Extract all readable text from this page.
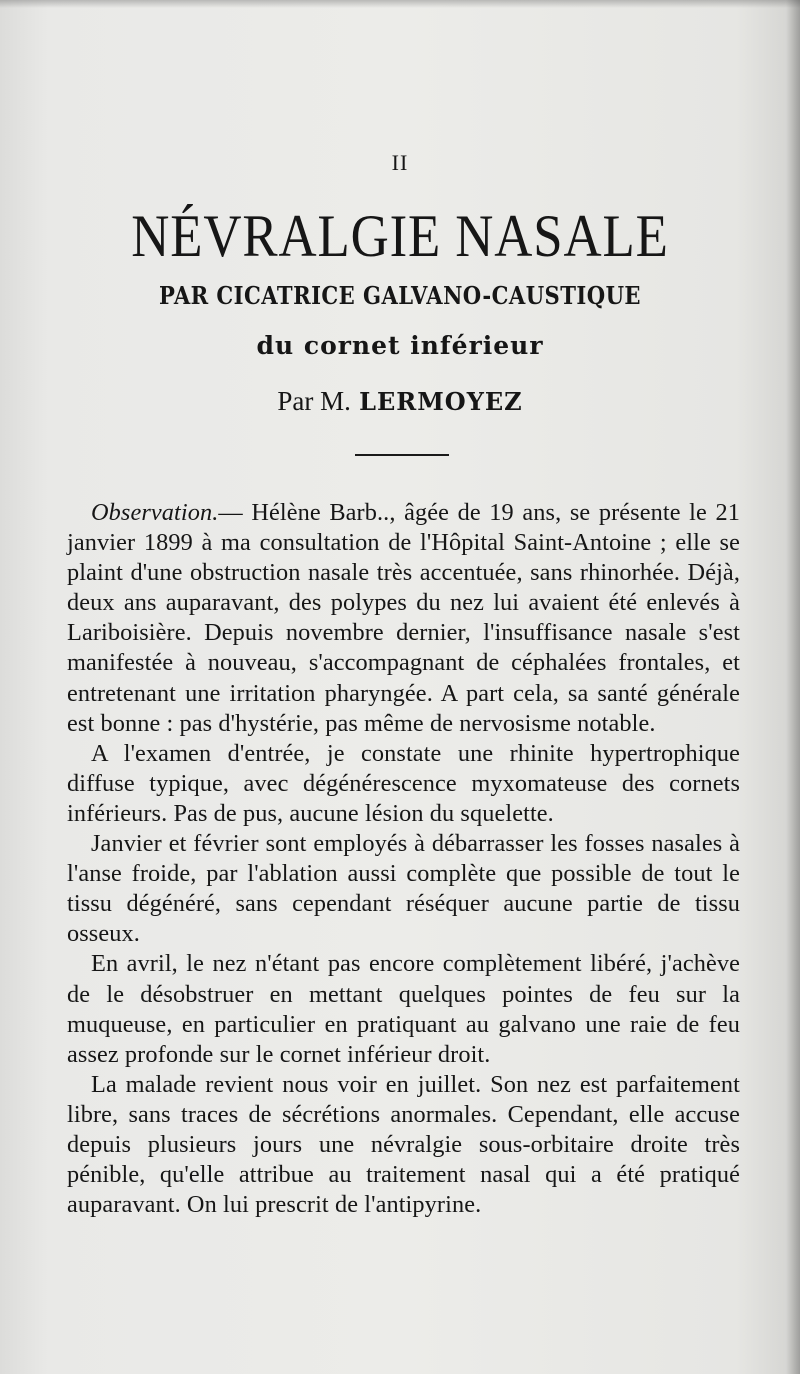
II
NÉVRALGIE NASALE
PAR CICATRICE GALVANO-CAUSTIQUE
du cornet inférieur
Par M. LERMOYEZ

Observation.— Hélène Barb.., âgée de 19 ans, se présente le 21 janvier 1899 à ma consultation de l'Hôpital Saint-Antoine ; elle se plaint d'une obstruction nasale très accentuée, sans rhinorhée. Déjà, deux ans auparavant, des polypes du nez lui avaient été enlevés à Lariboisière. Depuis novembre dernier, l'insuffisance nasale s'est manifestée à nouveau, s'accompagnant de céphalées frontales, et entretenant une irritation pharyngée. A part cela, sa santé générale est bonne : pas d'hystérie, pas même de nervosisme notable.

A l'examen d'entrée, je constate une rhinite hypertrophique diffuse typique, avec dégénérescence myxomateuse des cornets inférieurs. Pas de pus, aucune lésion du squelette.

Janvier et février sont employés à débarrasser les fosses nasales à l'anse froide, par l'ablation aussi complète que possible de tout le tissu dégénéré, sans cependant réséquer aucune partie de tissu osseux.

En avril, le nez n'étant pas encore complètement libéré, j'achève de le désobstruer en mettant quelques pointes de feu sur la muqueuse, en particulier en pratiquant au galvano une raie de feu assez profonde sur le cornet inférieur droit.

La malade revient nous voir en juillet. Son nez est parfaitement libre, sans traces de sécrétions anormales. Cependant, elle accuse depuis plusieurs jours une névralgie sous-orbitaire droite très pénible, qu'elle attribue au traitement nasal qui a été pratiqué auparavant. On lui prescrit de l'antipyrine.
